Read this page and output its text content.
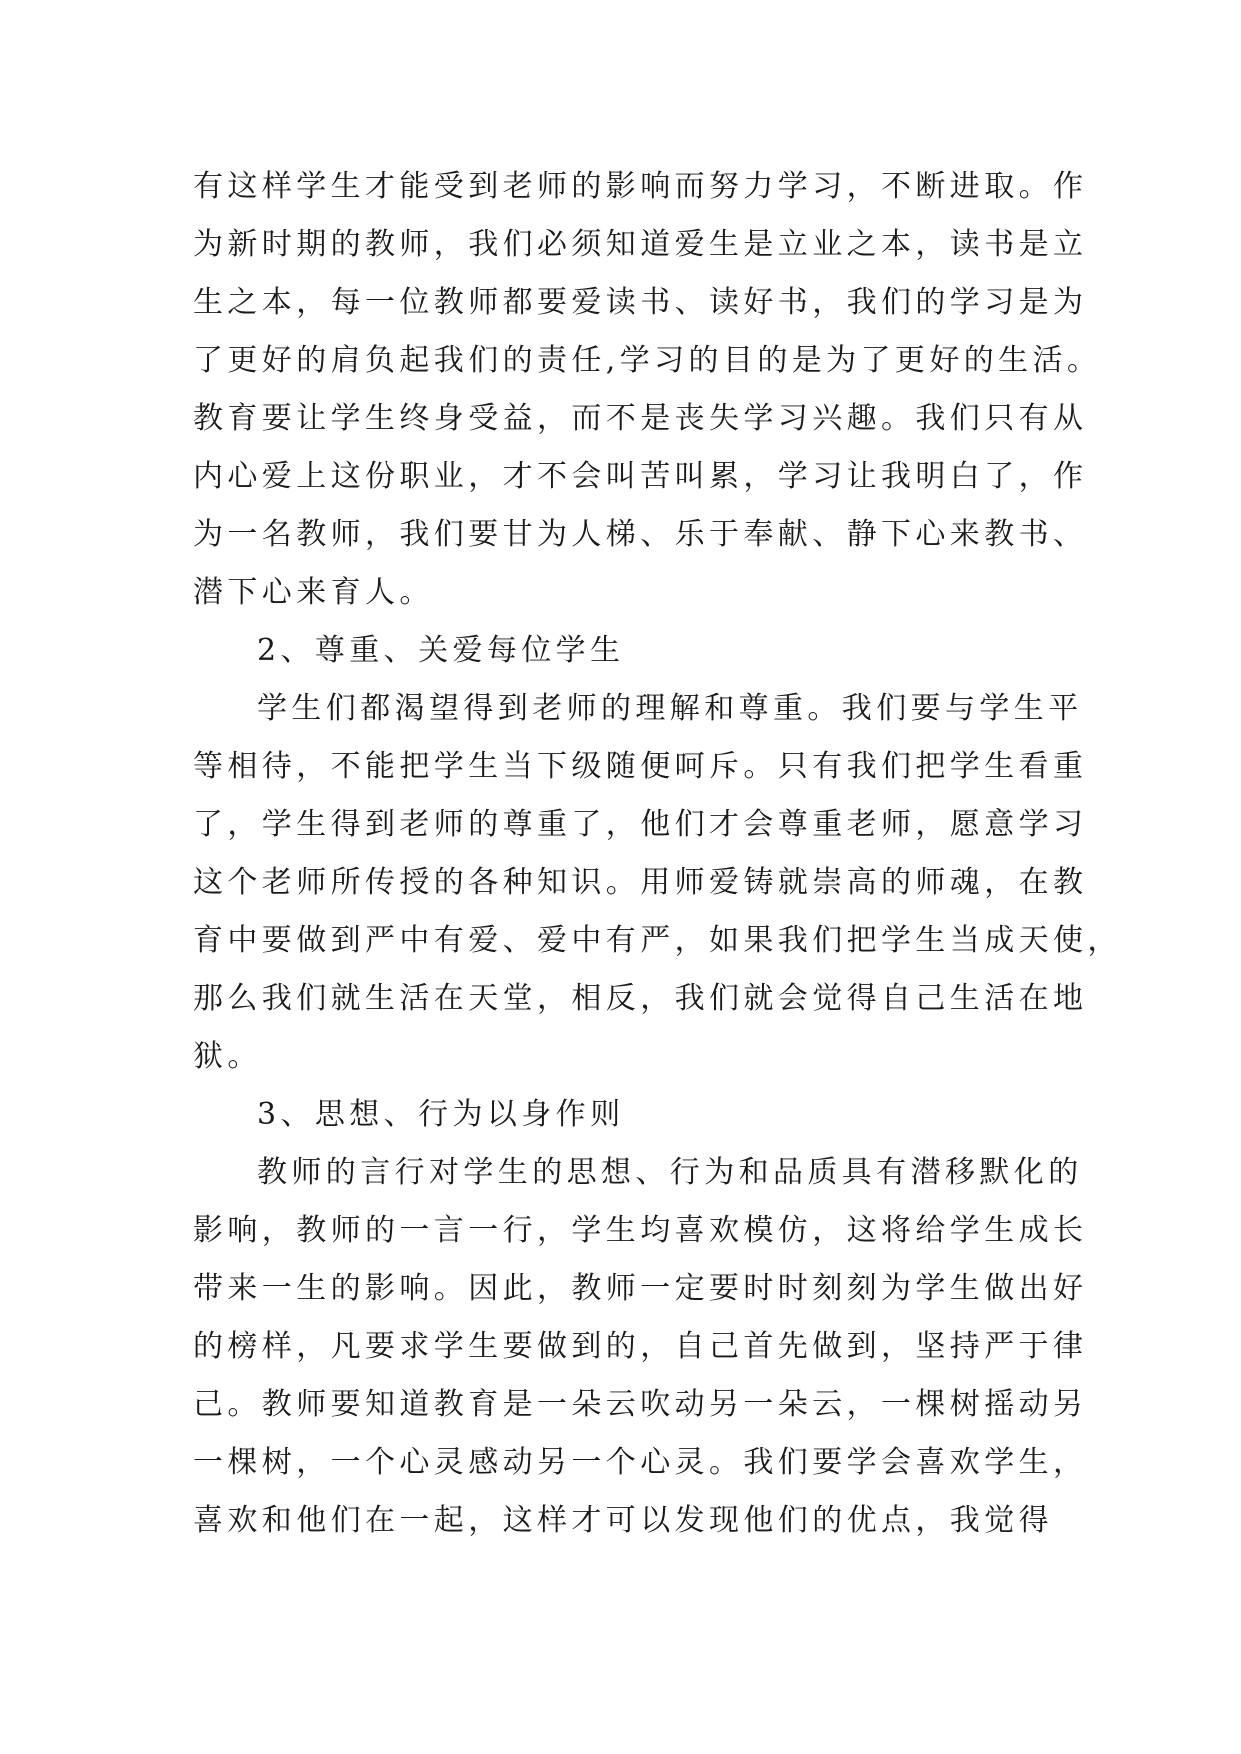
有这样学生才能受到老师的影响而努力学习，不断进取。作
为新时期的教师，我们必须知道爱生是立业之本，读书是立
生之本，每一位教师都要爱读书、读好书，我们的学习是为
了更好的肩负起我们的责任,学习的目的是为了更好的生活。
教育要让学生终身受益，而不是丧失学习兴趣。我们只有从
内心爱上这份职业，才不会叫苦叫累，学习让我明白了，作
为一名教师，我们要甘为人梯、乐于奉献、静下心来教书、
潜下心来育人。
2、尊重、关爱每位学生
学生们都渴望得到老师的理解和尊重。我们要与学生平
等相待，不能把学生当下级随便呵斥。只有我们把学生看重
了，学生得到老师的尊重了，他们才会尊重老师，愿意学习
这个老师所传授的各种知识。用师爱铸就崇高的师魂，在教
育中要做到严中有爱、爱中有严，如果我们把学生当成天使，
那么我们就生活在天堂，相反，我们就会觉得自己生活在地
狱。
3、思想、行为以身作则
教师的言行对学生的思想、行为和品质具有潜移默化的
影响，教师的一言一行，学生均喜欢模仿，这将给学生成长
带来一生的影响。因此，教师一定要时时刻刻为学生做出好
的榜样，凡要求学生要做到的，自己首先做到，坚持严于律
己。教师要知道教育是一朵云吹动另一朵云，一棵树摇动另
一棵树，一个心灵感动另一个心灵。我们要学会喜欢学生，
喜欢和他们在一起，这样才可以发现他们的优点，我觉得
